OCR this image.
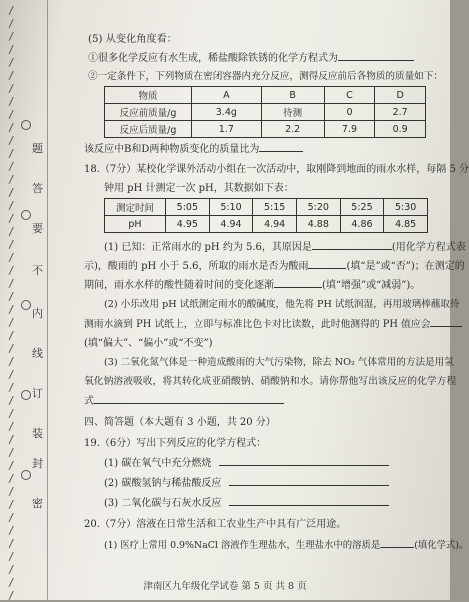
/
/
/
/
/
/
/
/
/
/
/
/
/
/
/
/
/
/
/
/
/
/
/
/
/
/
/
/
/
/
/
/
/
/
/
/
/
/
/
/
/
/
/
/
/
/
题
答
要
不
内
线
订
装
封
密
(5) 从变化角度看：
①很多化学反应有水生成，稀盐酸除铁锈的化学方程式为
②一定条件下，下列物质在密闭容器内充分反应，测得反应前后各物质的质量如下：
物质	A	B	C	D
反应前质量/g	3.4g	待测	0	2.7
反应后质量/g	1.7	2.2	7.9	0.9
该反应中B和D两种物质变化的质量比为
18.（7分）某校化学课外活动小组在一次活动中，取刚降到地面的雨水水样，每隔 5 分
钟用 pH 计测定一次 pH，其数据如下表：
测定时间	5:05	5:10	5:15	5:20	5:25	5:30
pH	4.95	4.94	4.94	4.88	4.86	4.85
(1) 已知：正常雨水的 pH 约为 5.6，其原因是	(用化学方程式表
示)，酸雨的 pH 小于 5.6，所取的雨水是否为酸雨	(填“是”或“否”)；在测定的
期间，雨水水样的酸性随着时间的变化逐渐	(填“增强”或“减弱”)。
(2) 小乐改用 pH 试纸测定雨水的酸碱度，他先将 PH 试纸润湿，再用玻璃棒蘸取待
测雨水滴到 PH 试纸上，立即与标准比色卡对比读数，此时他测得的 PH 值应会
(填“偏大”、“偏小”或“不变”)
(3) 二氧化氮气体是一种造成酸雨的大气污染物，除去 NO₂ 气体常用的方法是用氢
氧化钠溶液吸收，将其转化成亚硝酸钠、硝酸钠和水。请你帮他写出该反应的化学方程
式
四、简答题（本大题有 3 小题，共 20 分）
19.（6分）写出下列反应的化学方程式：
(1) 碳在氧气中充分燃烧
(2) 碳酸氢钠与稀盐酸反应
(3) 二氧化碳与石灰水反应
20.（7分）溶液在日常生活和工农业生产中具有广泛用途。
(1) 医疗上常用 0.9%NaCl 溶液作生理盐水，生理盐水中的溶质是	(填化学式)。
津南区九年级化学试卷 第 5 页 共 8 页
